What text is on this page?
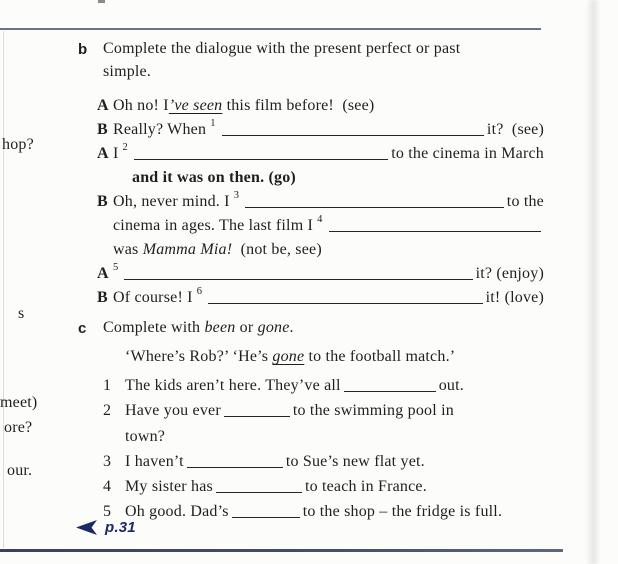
hop?
s
meet)
ore?
our.
b Complete the dialogue with the present perfect or past
simple.
A Oh no! I ’ve seen this film before!  (see)
B Really? When 1	it?  (see)
A I 2	to the cinema in March
and it was on then. (go)
B Oh, never mind. I 3	to the
cinema in ages. The last film I 4
was Mamma Mia! (not be, see)
A 5	it? (enjoy)
B Of course! I 6	it! (love)
c	Complete with been or gone.
‘Where’s Rob?’ ‘He’s gone to the football match.’
1 The kids aren’t here. They’ve all	out.
2 Have you ever	to the swimming pool in
town?
3 I haven’t	to Sue’s new flat yet.
4 My sister has	to teach in France.
5 Oh good. Dad’s	to the shop – the fridge is full.
p.31
